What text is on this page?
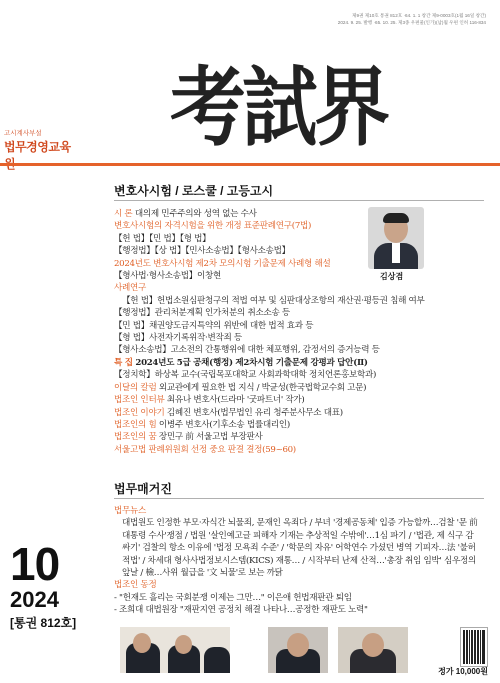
제9권 제10호 통권 812호 ·64. 1. 1 창간 제9-0003호(1월 16일 창간)
2024. 9. 25. 발행 ·65. 10. 25. 제3종 우편물(인가)(납)월 우편 인허 116-834
考試界
고시계사부설
법무경영교육
변호사시험 / 로스쿨 / 고등고시
김상겸
시 론 대의제 민주주의와 성역 없는 수사
변호사시험의 자격시험을 위한 개정 표준판례연구(7법)
【헌 법】【민 법】【형 법】
【행정법】【상 법】【민사소송법】【형사소송법】
2024년도 변호사시험 제2차 모의시험 기출문제 사례형 해설
【형사법·형사소송법】이창현
사례연구
【헌 법】헌법소원심판청구의 적법 여부 및 심판대상조항의 재산권·평등권 침해 여부
【행정법】관리처분계획 인가처분의 취소소송 등
【민 법】채권양도금지특약의 위반에 대한 법적 효과 등
【형 법】사전자기록위작·변작죄 등
【형사소송법】고소전의 간통행위에 대한 체포행위, 감정서의 증거능력 등
특 집 2024년도 5급 공채(행정) 제2차시험 기출문제 강평과 답안(Ⅱ)
【정치학】하상복 교수(국립목포대학교 사회과학대학 정치언론홍보학과)
이달의 칼럼 외교관에게 필요한 법 지식 / 박균성(한국법학교수회 고문)
법조인 인터뷰 최유나 변호사(드라마 '굿파트너' 작가)
법조인 이야기 김혜진 변호사(법무법인 유리 청주분사무소 대표)
법조인의 힘 이병주 변호사(기후소송 법률대리인)
법조인의 꿈 장민구 前 서울고법 부장판사
서울고법 판례위원회 선정 중요 판결 결정(59~60)
법무매거진
법무뉴스
대법원도 인정한 부모·자식간 뇌물죄, 문재인 옥죄다 / 부녀 '경제공동체' 입증 가능할까…검찰 '문 前대통령 수사'쟁점 / 법원 '살인예고글 피해자 기재는 추상적일 수밖에'…1심 파기 / '법관, 제 식구 감싸기' 검찰의 항소 이유에 '법정 모욕죄 수준' / '학문의 자유' 어학연수 가셨던 병역 기피자…法 '불허적법' / 차세대 형사사법정보시스템(KICS) 재통… / 시작부터 난제 산적…'총장 취임 임박' 심우정의 앞날 / 檢…사위 월급을 '文 뇌물'로 보는 까닭
법조인 동정
- "헌재도 흘리는 국회분쟁 이제는 그만…" 이은애 헌법재판관 퇴임
- 조희대 대법원장 "재판지연 공정치 해결 나타나…공정한 재판도 노력"
10
2024
[통권 812호]
정가 10,000원
